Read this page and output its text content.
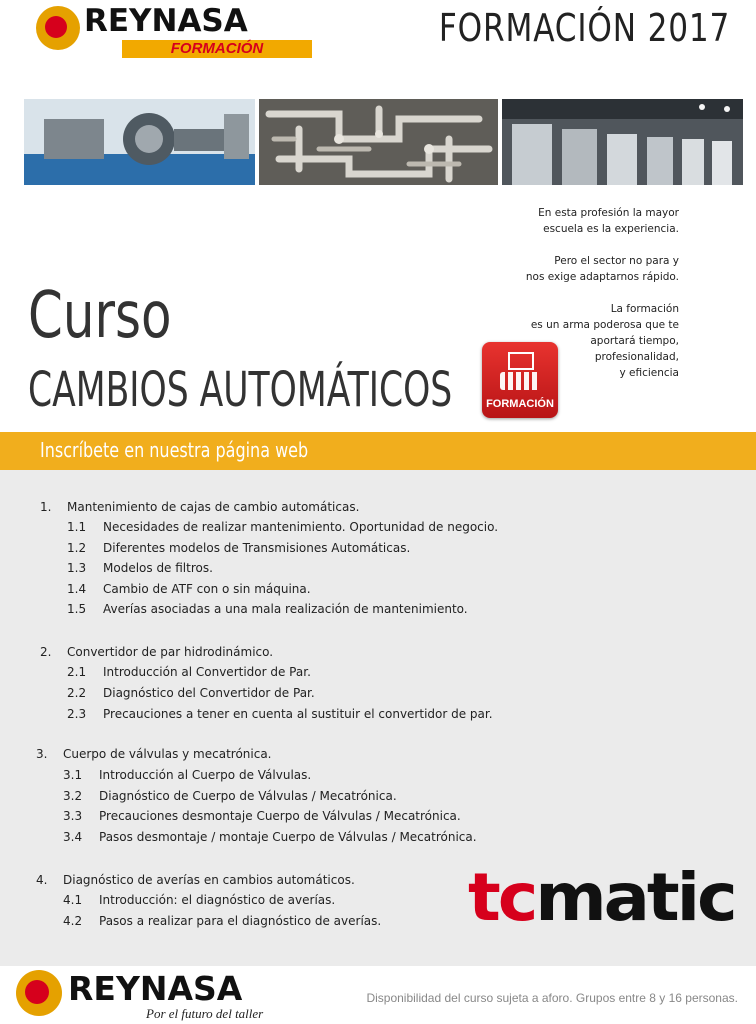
REYNASA
FORMACIÓN	FORMACIÓN 2017

En esta profesión la mayor
escuela es la experiencia.

Pero el sector no para y
nos exige adaptarnos rápido.

La formación
es un arma poderosa que te
aportará tiempo,
profesionalidad,
y eficiencia

Curso
CAMBIOS AUTOMÁTICOS	FORMACIÓN
Inscríbete en nuestra página web
1. Mantenimiento de cajas de cambio automáticas.
1.1 Necesidades de realizar mantenimiento. Oportunidad de negocio.
1.2 Diferentes modelos de Transmisiones Automáticas.
1.3 Modelos de filtros.
1.4 Cambio de ATF con o sin máquina.
1.5 Averías asociadas a una mala realización de mantenimiento.
2. Convertidor de par hidrodinámico.
2.1 Introducción al Convertidor de Par.
2.2 Diagnóstico del Convertidor de Par.
2.3 Precauciones a tener en cuenta al sustituir el convertidor de par.
3. Cuerpo de válvulas y mecatrónica.
3.1 Introducción al Cuerpo de Válvulas.
3.2 Diagnóstico de Cuerpo de Válvulas / Mecatrónica.
3.3 Precauciones desmontaje Cuerpo de Válvulas / Mecatrónica.
3.4 Pasos desmontaje / montaje Cuerpo de Válvulas / Mecatrónica.
4. Diagnóstico de averías en cambios automáticos.
4.1 Introducción: el diagnóstico de averías.
4.2 Pasos a realizar para el diagnóstico de averías. tcmatic
REYNASA
Por el futuro del taller
Disponibilidad del curso sujeta a aforo. Grupos entre 8 y 16 personas.
